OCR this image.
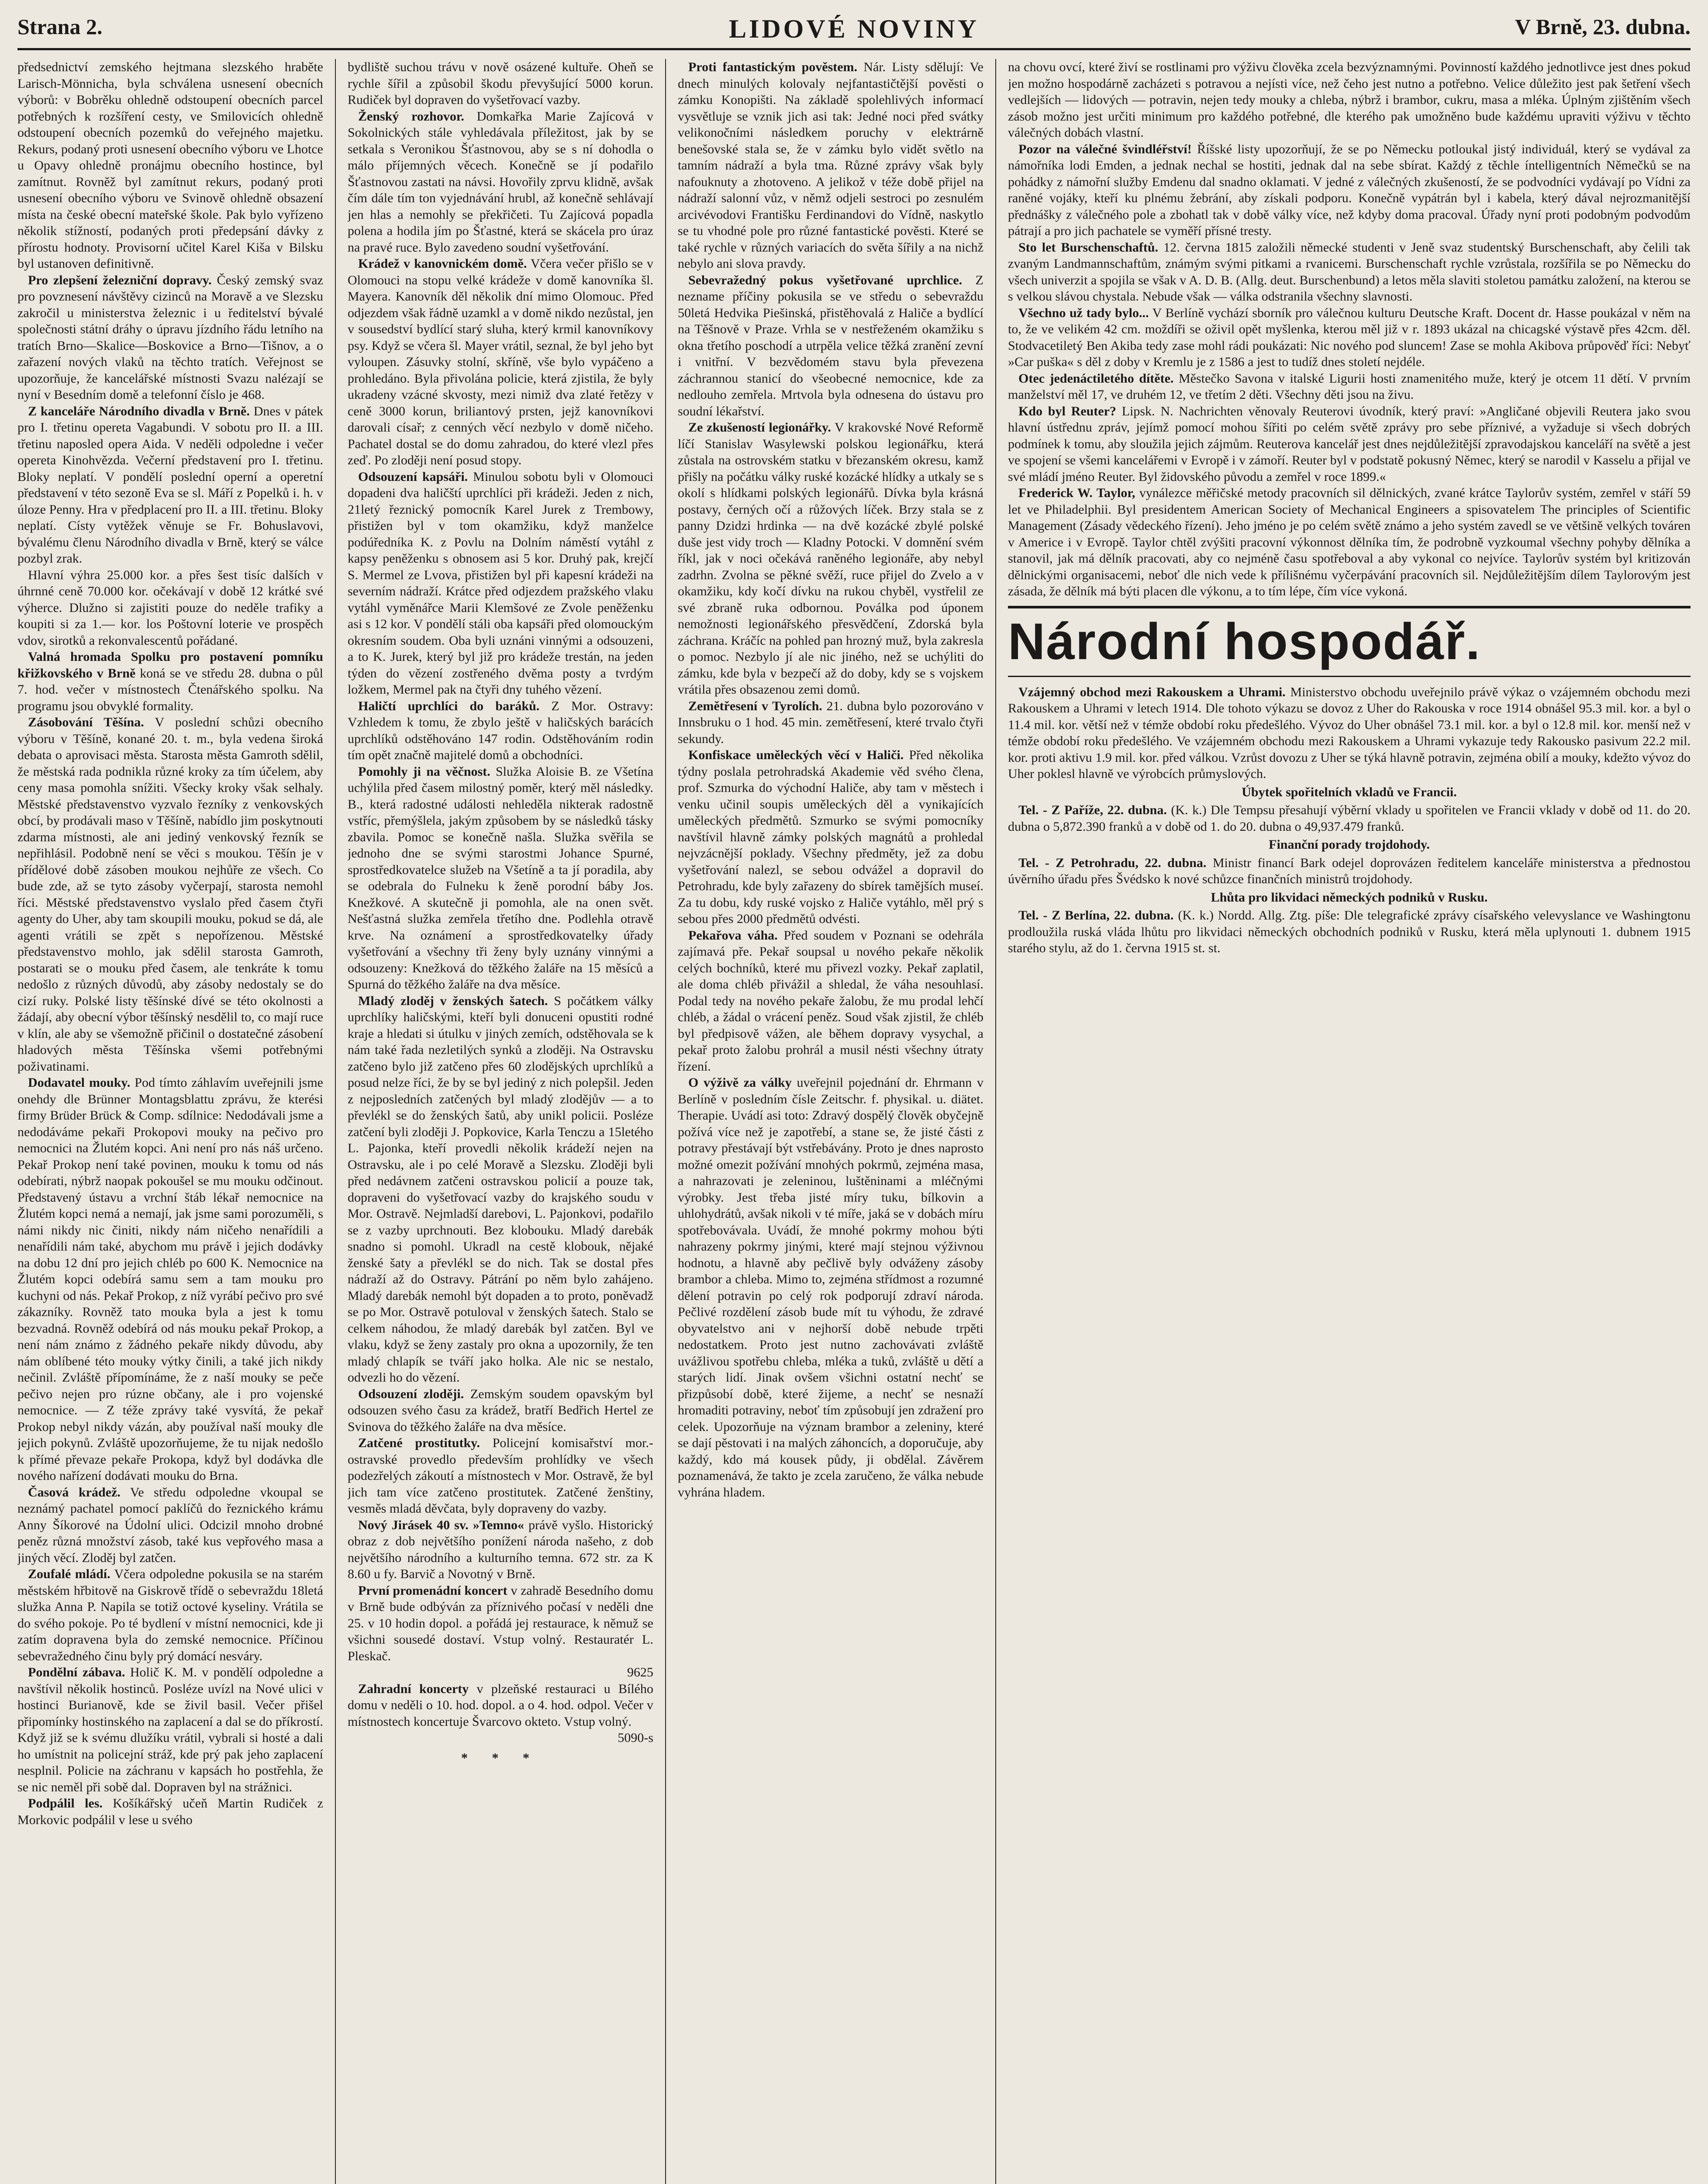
LIDOVÉ NOVINY
Strana 2.	V Brně, 23. dubna.

předsednictví zemského hejtmana slezského hraběte Larisch-Mönnicha, byla schválena usnesení obecních výborů: v Bobrěku ohledně odstoupení obecních parcel potřebných k rozšíření cesty, ve Smilovicích ohledně odstoupení obecních pozemků do veřejného majetku. Rekurs, podaný proti usnesení obecního výboru ve Lhotce u Opavy ohledně pronájmu obecního hostince, byl zamítnut. Rovněž byl zamítnut rekurs, podaný proti usnesení obecního výboru ve Svinově ohledně obsazení místa na české obecní mateřské škole. Pak bylo vyřízeno několik stížností, podaných proti předepsání dávky z přírostu hodnoty. Provisorní učitel Karel Kiša v Bilsku byl ustanoven definitivně.

Pro zlepšení železniční dopravy. Český zemský svaz pro povznesení návštěvy cizinců na Moravě a ve Slezsku zakročil u ministerstva železnic i u ředitelství bývalé společnosti státní dráhy o úpravu jízdního řádu letního na tratích Brno—Skalice—Boskovice a Brno—Tišnov, a o zařazení nových vlaků na těchto tratích. Veřejnost se upozorňuje, že kancelářské místnosti Svazu nalézají se nyní v Besedním domě a telefonní číslo je 468.

Z kanceláře Národního divadla v Brně. Dnes v pátek pro I. třetinu opereta Vagabundi. V sobotu pro II. a III. třetinu naposled opera Aida. V neděli odpoledne i večer opereta Kinohvězda. Večerní představení pro I. třetinu. Bloky neplatí. V pondělí poslední operní a operetní představení v této sezoně Eva se sl. Máří z Popelků i. h. v úloze Penny. Hra v předplacení pro II. a III. třetinu. Bloky neplatí. Císty vytěžek věnuje se Fr. Bohuslavovi, bývalému členu Národního divadla v Brně, který se válce pozbyl zrak.

Hlavní výhra 25.000 kor. a přes šest tisíc dalších v úhrnné ceně 70.000 kor. očekávají v době 12 krátké své výherce. Dlužno si zajistiti pouze do neděle trafiky a koupiti si za 1.— kor. los Poštovní loterie ve prospěch vdov, sirotků a rekonvalescentů pořádané.

Valná hromada Spolku pro postavení pomníku křižkovského v Brně koná se ve středu 28. dubna o půl 7. hod. večer v místnostech Čtenářského spolku. Na programu jsou obvyklé formality.

Zásobování Těšína. V poslední schůzi obecního výboru v Těšíně, konané 20. t. m., byla vedena široká debata o aprovisaci města. Starosta města Gamroth sdělil, že městská rada podnikla různé kroky za tím účelem, aby ceny masa pomohla snížiti. Všecky kroky však selhaly. Městské představenstvo vyzvalo řezníky z venkovských obcí, by prodávali maso v Těšíně, nabídlo jim poskytnouti zdarma místnosti, ale ani jediný venkovský řezník se nepřihlásil. Podobně není se věci s moukou. Těšín je v přídělové době zásoben moukou nejhůře ze všech. Co bude zde, až se tyto zásoby vyčerpají, starosta nemohl říci. Městské představenstvo vyslalo před časem čtyři agenty do Uher, aby tam skoupili mouku, pokud se dá, ale agenti vrátili se zpět s nepořízenou. Městské představenstvo mohlo, jak sdělil starosta Gamroth, postarati se o mouku před časem, ale tenkráte k tomu nedošlo z různých důvodů, aby zásoby nedostaly se do cizí ruky. Polské listy těšínské dívé se této okolnosti a žádají, aby obecní výbor těšínský nesdělil to, co mají ruce v klín, ale aby se všemožně přičinil o dostatečné zásobení hladových města Těšínska všemi potřebnými poživatinami.

Dodavatel mouky. Pod tímto záhlavím uveřejnili jsme onehdy dle Brünner Montagsblattu zprávu, že kterési firmy Brüder Brück & Comp. sdílnice: Nedodávali jsme a nedodáváme pekaři Prokopovi mouky na pečivo pro nemocnici na Žlutém kopci. Ani není pro nás náš určeno. Pekař Prokop není také povinen, mouku k tomu od nás odebírati, nýbrž naopak pokoušel se mu mouku odčinout. Představený ústavu a vrchní štáb lékař nemocnice na Žlutém kopci nemá a nemají, jak jsme sami porozuměli, s námi nikdy nic činiti, nikdy nám ničeho nenařídili a nenařídili nám také, abychom mu právě i jejich dodávky na dobu 12 dní pro jejich chléb po 600 K. Nemocnice na Žlutém kopci odebírá samu sem a tam mouku pro kuchyni od nás. Pekař Prokop, z níž vyrábí pečivo pro své zákazníky. Rovněž tato mouka byla a jest k tomu bezvadná. Rovněž odebírá od nás mouku pekař Prokop, a není nám známo z žádného pekaře nikdy důvodu, aby nám oblíbené této mouky výtky činili, a také jich nikdy nečinil. Zvláště přípomínáme, že z naší mouky se peče pečivo nejen pro rúzne občany, ale i pro vojenské nemocnice. — Z téže zprávy také vysvítá, že pekař Prokop nebyl nikdy vázán, aby používal naší mouky dle jejich pokynů. Zvláště upozorňujeme, že tu nijak nedošlo k přímé převaze pekaře Prokopa, když byl dodávka dle nového nařízení dodávati mouku do Brna.

Časová krádež. Ve středu odpoledne vkoupal se neznámý pachatel pomocí paklíčů do řeznického krámu Anny Šíkorové na Údolní ulici. Odcizil mnoho drobné peněz různá množství zásob, také kus vepřového masa a jiných věcí. Zloděj byl zatčen.

Zoufalé mládí. Včera odpoledne pokusila se na starém městském hřbitově na Giskrově třídě o sebevraždu 18letá služka Anna P. Napila se totiž octové kyseliny. Vrátila se do svého pokoje. Po té bydlení v místní nemocnici, kde ji zatím dopravena byla do zemské nemocnice. Příčinou sebevražedného činu byly prý domácí nesváry.

Pondělní zábava. Holič K. M. v pondělí odpoledne a navštívil několik hostinců. Posléze uvízl na Nové ulici v hostinci Burianově, kde se živil basil. Večer přišel připomínky hostinského na zaplacení a dal se do příkrostí. Když již se k svému dlužíku vrátil, vybrali si hosté a dali ho umístnit na policejní stráž, kde prý pak jeho zaplacení nesplnil. Policie na záchranu v kapsách ho postřehla, že se nic neměl při sobě dal. Dopraven byl na strážnici.

Podpálil les. Košíkářský učeň Martin Rudiček z Morkovic podpálil v lese u svého

bydliště suchou trávu v nově osázené kultuře. Oheň se rychle šířil a způsobil škodu převyšující 5000 korun. Rudiček byl dopraven do vyšetřovací vazby.

Ženský rozhovor. Domkařka Marie Zajícová v Sokolnických stále vyhledávala příležitost, jak by se setkala s Veronikou Šťastnovou, aby se s ní dohodla o málo příjemných věcech. Konečně se jí podařilo Šťastnovou zastati na návsi. Hovořily zprvu klidně, avšak čím dále tím ton vyjednávání hrubl, až konečně sehlávají jen hlas a nemohly se překřičeti. Tu Zajícová popadla polena a hodila jím po Šťastné, která se skácela pro úraz na pravé ruce. Bylo zavedeno soudní vyšetřování.

Krádež v kanovnickém domě. Včera večer přišlo se v Olomouci na stopu velké krádeže v domě kanovníka šl. Mayera. Kanovník děl několik dní mimo Olomouc. Před odjezdem však řádně uzamkl a v domě nikdo nezůstal, jen v sousedství bydlící starý sluha, který krmil kanovníkovy psy. Když se včera šl. Mayer vrátil, seznal, že byl jeho byt vyloupen. Zásuvky stolní, skříně, vše bylo vypáčeno a prohledáno. Byla přivolána policie, která zjistila, že byly ukradeny vzácné skvosty, mezi nimiž dva zlaté řetězy v ceně 3000 korun, briliantový prsten, jejž kanovníkovi darovali císař; z cenných věcí nezbylo v domě ničeho. Pachatel dostal se do domu zahradou, do které vlezl přes zeď. Po zloději není posud stopy.

Odsouzení kapsáři. Minulou sobotu byli v Olomouci dopadeni dva haličští uprchlíci při krádeži. Jeden z nich, 21letý řeznický pomocník Karel Jurek z Trembowy, přistižen byl v tom okamžiku, když manželce podúředníka K. z Povlu na Dolním náměstí vytáhl z kapsy peněženku s obnosem asi 5 kor. Druhý pak, krejčí S. Mermel ze Lvova, přistižen byl při kapesní krádeži na severním nádraží. Krátce před odjezdem pražského vlaku vytáhl vyměnářce Marii Klemšové ze Zvole peněženku asi s 12 kor. V pondělí stáli oba kapsáři před olomouckým okresním soudem. Oba byli uznáni vinnými a odsouzeni, a to K. Jurek, který byl již pro krádeže trestán, na jeden týden do vězení zostřeného dvěma posty a tvrdým ložkem, Mermel pak na čtyři dny tuhého vězení.

Haličtí uprchlíci do baráků. Z Mor. Ostravy: Vzhledem k tomu, že zbylo ještě v haličských barácích uprchlíků odstěhováno 147 rodin. Odstěhováním rodin tím opět značně majitelé domů a obchodníci.

Pomohly ji na věčnost. Služka Aloisie B. ze Všetína uchýlila před časem milostný poměr, který měl následky. B., která radostné události nehleděla nikterak radostně vstříc, přemýšlela, jakým způsobem by se následků tásky zbavila. Pomoc se konečně našla. Služka svěřila se jednoho dne se svými starostmi Johance Spurné, sprostředkovatelce služeb na Všetíně a ta jí poradila, aby se odebrala do Fulneku k ženě porodní báby Jos. Knežkové. A skutečně ji pomohla, ale na onen svět. Nešťastná služka zemřela třetího dne. Podlehla otravě krve. Na oznámení a sprostředkovatelky úřady vyšetřování a všechny tři ženy byly uznány vinnými a odsouzeny: Knežková do těžkého žaláře na 15 měsíců a Spurná do těžkého žaláře na dva měsíce.

Mladý zloděj v ženských šatech. S počátkem války uprchlíky haličskými, kteří byli donuceni opustiti rodné kraje a hledati si útulku v jiných zemích, odstěhovala se k nám také řada nezletilých synků a zloději. Na Ostravsku zatčeno bylo již zatčeno přes 60 zlodějských uprchlíků a posud nelze říci, že by se byl jediný z nich polepšil. Jeden z nejposledních zatčených byl mladý zlodějův — a to převlékl se do ženských šatů, aby unikl policii. Posléze zatčení byli zloději J. Popkovice, Karla Tenczu a 15letého L. Pajonka, kteří provedli několik krádeží nejen na Ostravsku, ale i po celé Moravě a Slezsku. Zloději byli před nedávnem zatčeni ostravskou policií a pouze tak, dopraveni do vyšetřovací vazby do krajského soudu v Mor. Ostravě. Nejmladší darebovi, L. Pajonkovi, podařilo se z vazby uprchnouti. Bez klobouku. Mladý darebák snadno si pomohl. Ukradl na cestě klobouk, nějaké ženské šaty a převlékl se do nich. Tak se dostal přes nádraží až do Ostravy. Pátrání po něm bylo zahájeno. Mladý darebák nemohl být dopaden a to proto, poněvadž se po Mor. Ostravě potuloval v ženských šatech. Stalo se celkem náhodou, že mladý darebák byl zatčen. Byl ve vlaku, když se ženy zastaly pro okna a upozornily, že ten mladý chlapík se tváří jako holka. Ale nic se nestalo, odvezli ho do vězení.

Odsouzení zloději. Zemským soudem opavským byl odsouzen svého času za krádež, bratří Bedřich Hertel ze Svinova do těžkého žaláře na dva měsíce.

Zatčené prostitutky. Policejní komisařství mor.-ostravské provedlo především prohlídky ve všech podezřelých zákoutí a místnostech v Mor. Ostravě, že byl jich tam více zatčeno prostitutek. Zatčené ženštiny, vesměs mladá děvčata, byly dopraveny do vazby.

Nový Jirásek 40 sv. »Temno« právě vyšlo. Historický obraz z dob největšího ponížení národa našeho, z dob největšího národního a kulturního temna. 672 str. za K 8.60 u fy. Barvič a Novotný v Brně.

První promenádní koncert v zahradě Besedního domu v Brně bude odbýván za příznivého počasí v neděli dne 25. v 10 hodin dopol. a pořádá jej restaurace, k němuž se všichni sousedé dostaví. Vstup volný. Restauratér L. Pleskač.

9625

Zahradní koncerty v plzeňské restauraci u Bílého domu v neděli o 10. hod. dopol. a o 4. hod. odpol. Večer v místnostech koncertuje Švarcovo okteto. Vstup volný.

5090-s

* * *

Proti fantastickým pověstem. Nár. Listy sdělují: Ve dnech minulých kolovaly nejfantastičtější pověsti o zámku Konopišti. Na základě spolehlivých informací vysvětluje se vznik jich asi tak: Jedné noci před svátky velikonočními následkem poruchy v elektrárně benešovské stala se, že v zámku bylo vidět světlo na tamním nádraží a byla tma. Různé zprávy však byly nafouknuty a zhotoveno. A jelikož v téže době přijel na nádraží salonní vůz, v němž odjeli sestroci po zesnulém arcivévodovi Františku Ferdinandovi do Vídně, naskytlo se tu vhodné pole pro různé fantastické pověsti. Které se také rychle v různých variacích do světa šířily a na nichž nebylo ani slova pravdy.

Sebevražedný pokus vyšetřované uprchlice. Z nezname příčiny pokusila se ve středu o sebevraždu 50letá Hedvika Piešinská, přistěhovalá z Haliče a bydlící na Těšnově v Praze. Vrhla se v nestřeženém okamžiku s okna třetího poschodí a utrpěla velice těžká zranění zevní i vnitřní. V bezvědomém stavu byla převezena záchrannou stanicí do všeobecné nemocnice, kde za nedlouho zemřela. Mrtvola byla odnesena do ústavu pro soudní lékařství.

Ze zkušeností legionářky. V krakovské Nové Reformě líčí Stanislav Wasylewski polskou legionářku, která zůstala na ostrovském statku v březanském okresu, kamž přišly na počátku války ruské kozácké hlídky a utkaly se s okolí s hlídkami polských legionářů. Dívka byla krásná postavy, černých očí a růžových líček. Brzy stala se z panny Dzidzi hrdinka — na dvě kozácké zbylé polské duše jest vidy troch — Kladny Potocki. V domnění svém říkl, jak v noci očekává raněného legionáře, aby nebyl zadrhn. Zvolna se pěkné svěží, ruce přijel do Zvelo a v okamžiku, kdy kočí dívku na rukou chyběl, vystřelil ze své zbraně ruka odbornou. Poválka pod úponem nemožnosti legionářského přesvědčení, Zdorská byla záchrana. Kráčíc na pohled pan hrozný muž, byla zakresla o pomoc. Nezbylo jí ale nic jiného, než se uchýliti do zámku, kde byla v bezpečí až do doby, kdy se s vojskem vrátila přes obsazenou zemi domů.

Zemětřesení v Tyrolích. 21. dubna bylo pozorováno v Innsbruku o 1 hod. 45 min. zemětřesení, které trvalo čtyři sekundy.

Konfiskace uměleckých věcí v Haliči. Před několika týdny poslala petrohradská Akademie věd svého člena, prof. Szmurka do východní Haliče, aby tam v městech i venku učinil soupis uměleckých děl a vynikajících uměleckých předmětů. Szmurko se svými pomocníky navštívil hlavně zámky polských magnátů a prohledal nejvzácnější poklady. Všechny předměty, jež za dobu vyšetřování nalezl, se sebou odvážel a dopravil do Petrohradu, kde byly zařazeny do sbírek tamějších museí. Za tu dobu, kdy ruské vojsko z Haliče vytáhlo, měl prý s sebou přes 2000 předmětů odvésti.

Pekařova váha. Před soudem v Poznani se odehrála zajímavá pře. Pekař soupsal u nového pekaře několik celých bochníků, které mu přivezl vozky. Pekař zaplatil, ale doma chléb přivážil a shledal, že váha nesouhlasí. Podal tedy na nového pekaře žalobu, že mu prodal lehčí chléb, a žádal o vrácení peněz. Soud však zjistil, že chléb byl předpisově vážen, ale během dopravy vysychal, a pekař proto žalobu prohrál a musil nésti všechny útraty řízení.

O výživě za války uveřejnil pojednání dr. Ehrmann v Berlíně v posledním čísle Zeitschr. f. physikal. u. diätet. Therapie. Uvádí asi toto: Zdravý dospělý člověk obyčejně požívá více než je zapotřebí, a stane se, že jisté části z potravy přestávají být vstřebávány. Proto je dnes naprosto možné omezit požívání mnohých pokrmů, zejména masa, a nahrazovati je zeleninou, luštěninami a mléčnými výrobky. Jest třeba jisté míry tuku, bílkovin a uhlohydrátů, avšak nikoli v té míře, jaká se v dobách míru spotřebovávala. Uvádí, že mnohé pokrmy mohou býti nahrazeny pokrmy jinými, které mají stejnou výživnou hodnotu, a hlavně aby pečlivě byly odváženy zásoby brambor a chleba. Mimo to, zejména střídmost a rozumné dělení potravin po celý rok podporují zdraví národa. Pečlivé rozdělení zásob bude mít tu výhodu, že zdravé obyvatelstvo ani v nejhorší době nebude trpěti nedostatkem. Proto jest nutno zachovávati zvláště uvážlivou spotřebu chleba, mléka a tuků, zvláště u dětí a starých lidí. Jinak ovšem všichni ostatní nechť se přizpůsobí době, které žijeme, a nechť se nesnaží hromaditi potraviny, neboť tím způsobují jen zdražení pro celek. Upozorňuje na význam brambor a zeleniny, které se dají pěstovati i na malých záhoncích, a doporučuje, aby každý, kdo má kousek půdy, ji obdělal. Závěrem poznamenává, že takto je zcela zaručeno, že válka nebude vyhrána hladem.

na chovu ovcí, které živí se rostlinami pro výživu člověka zcela bezvýznamnými. Povinností každého jednotlivce jest dnes pokud jen možno hospodárně zacházeti s potravou a nejísti více, než čeho jest nutno a potřebno. Velice důležito jest pak šetření všech vedlejších — lidových — potravin, nejen tedy mouky a chleba, nýbrž i brambor, cukru, masa a mléka. Úplným zjištěním všech zásob možno jest určiti minimum pro každého potřebné, dle kterého pak umožněno bude každému upraviti výživu v těchto válečných dobách vlastní.

Pozor na válečné švindléřství! Říšské listy upozorňují, že se po Německu potloukal jistý individuál, který se vydával za námořníka lodi Emden, a jednak nechal se hostiti, jednak dal na sebe sbírat. Každý z těchle íntelligentních Němečků se na pohádky z námořní služby Emdenu dal snadno oklamati. V jedné z válečných zkušeností, že se podvodníci vydávají po Vídni za raněné vojáky, kteří ku plnému žebrání, aby získali podporu. Konečně vypátrán byl i kabela, který dával nejrozmanitější přednášky z válečného pole a zbohatl tak v době války více, než kdyby doma pracoval. Úřady nyní proti podobným podvodům pátrají a pro jich pachatele se vyměří přísné tresty.

Sto let Burschenschaftů. 12. června 1815 založili německé studenti v Jeně svaz studentský Burschenschaft, aby čelili tak zvaným Landmannschaftům, známým svými pitkami a rvanicemi. Burschenschaft rychle vzrůstala, rozšířila se po Německu do všech univerzit a spojila se však v A. D. B. (Allg. deut. Burschenbund) a letos měla slaviti stoletou památku založení, na kterou se s velkou slávou chystala. Nebude však — válka odstranila všechny slavnosti.

Všechno už tady bylo... V Berlíně vychází sborník pro válečnou kulturu Deutsche Kraft. Docent dr. Hasse poukázal v něm na to, že ve velikém 42 cm. moždíři se oživil opět myšlenka, kterou měl již v r. 1893 ukázal na chicagské výstavě přes 42cm. děl. Stodvacetiletý Ben Akiba tedy zase mohl rádi poukázati: Nic nového pod sluncem! Zase se mohla Akibova průpověď říci: Nebyť »Car puška« s děl z doby v Kremlu je z 1586 a jest to tudíž dnes století nejdéle.

Otec jedenáctiletého dítěte. Městečko Savona v italské Ligurii hosti znamenitého muže, který je otcem 11 dětí. V prvním manželství měl 17, ve druhém 12, ve třetím 2 děti. Všechny děti jsou na živu.

Kdo byl Reuter? Lipsk. N. Nachrichten věnovaly Reuterovi úvodník, který praví: »Angličané objevili Reutera jako svou hlavní ústřednu zpráv, jejímž pomocí mohou šířiti po celém světě zprávy pro sebe příznivé, a vyžaduje si všech dobrých podmínek k tomu, aby sloužila jejich zájmům. Reuterova kancelář jest dnes nejdůležitější zpravodajskou kanceláří na světě a jest ve spojení se všemi kancelářemi v Evropě i v zámoří. Reuter byl v podstatě pokusný Němec, který se narodil v Kasselu a přijal ve své mládí jméno Reuter. Byl židovského původu a zemřel v roce 1899.«

Frederick W. Taylor, vynálezce měřičské metody pracovních sil dělnických, zvané krátce Taylorův systém, zemřel v stáří 59 let ve Philadelphii. Byl presidentem American Society of Mechanical Engineers a spisovatelem The principles of Scientific Management (Zásady vědeckého řízení). Jeho jméno je po celém světě známo a jeho systém zavedl se ve většině velkých továren v Americe i v Evropě. Taylor chtěl zvýšiti pracovní výkonnost dělníka tím, že podrobně vyzkoumal všechny pohyby dělníka a stanovil, jak má dělník pracovati, aby co nejméně času spotřeboval a aby vykonal co nejvíce. Taylorův systém byl kritizován dělnickými organisacemi, neboť dle nich vede k přílišnému vyčerpávání pracovních sil. Nejdůležitějším dílem Taylorovým jest zásada, že dělník má býti placen dle výkonu, a to tím lépe, čím více vykoná.

Národní hospodář.

Vzájemný obchod mezi Rakouskem a Uhrami. Ministerstvo obchodu uveřejnilo právě výkaz o vzájemném obchodu mezi Rakouskem a Uhrami v letech 1914. Dle tohoto výkazu se dovoz z Uher do Rakouska v roce 1914 obnášel 95.3 mil. kor. a byl o 11.4 mil. kor. větší než v témže období roku předešlého. Vývoz do Uher obnášel 73.1 mil. kor. a byl o 12.8 mil. kor. menší než v témže období roku předešlého. Ve vzájemném obchodu mezi Rakouskem a Uhrami vykazuje tedy Rakousko pasivum 22.2 mil. kor. proti aktivu 1.9 mil. kor. před válkou. Vzrůst dovozu z Uher se týká hlavně potravin, zejména obilí a mouky, kdežto vývoz do Uher poklesl hlavně ve výrobcích průmyslových.

Úbytek spořitelních vkladů ve Francii.

Tel. - Z Paříže, 22. dubna. (K. k.) Dle Tempsu přesahují výběrní vklady u spořitelen ve Francii vklady v době od 11. do 20. dubna o 5,872.390 franků a v době od 1. do 20. dubna o 49,937.479 franků.

Finanční porady trojdohody.

Tel. - Z Petrohradu, 22. dubna. Ministr financí Bark odejel doprovázen ředitelem kanceláře ministerstva a přednostou úvěrního úřadu přes Švédsko k nové schůzce finančních ministrů trojdohody.

Lhůta pro likvidaci německých podniků v Rusku.

Tel. - Z Berlína, 22. dubna. (K. k.) Nordd. Allg. Ztg. píše: Dle telegrafické zprávy císařského velevyslance ve Washingtonu prodloužila ruská vláda lhůtu pro likvidaci německých obchodních podniků v Rusku, která měla uplynouti 1. dubnem 1915 starého stylu, až do 1. června 1915 st. st.
